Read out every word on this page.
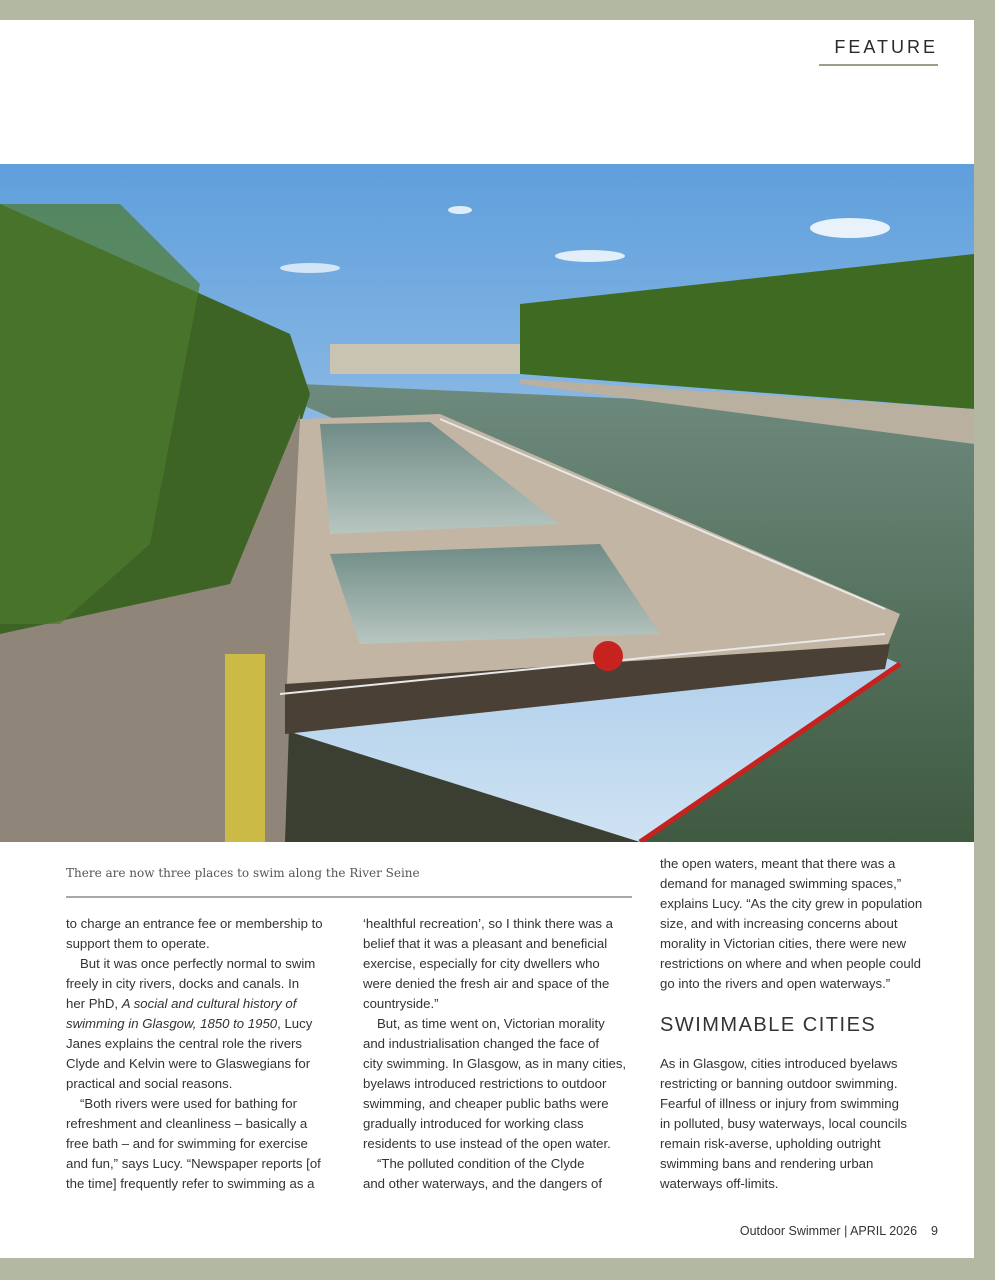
FEATURE
There are now three places to swim along the River Seine
to charge an entrance fee or membership to
support them to operate.
But it was once perfectly normal to swim
freely in city rivers, docks and canals. In
her PhD, A social and cultural history of
swimming in Glasgow, 1850 to 1950, Lucy
Janes explains the central role the rivers
Clyde and Kelvin were to Glaswegians for
practical and social reasons.
“Both rivers were used for bathing for
refreshment and cleanliness – basically a
free bath – and for swimming for exercise
and fun,” says Lucy. “Newspaper reports [of
the time] frequently refer to swimming as a
‘healthful recreation’, so I think there was a
belief that it was a pleasant and beneficial
exercise, especially for city dwellers who
were denied the fresh air and space of the
countryside.”
But, as time went on, Victorian morality
and industrialisation changed the face of
city swimming. In Glasgow, as in many cities,
byelaws introduced restrictions to outdoor
swimming, and cheaper public baths were
gradually introduced for working class
residents to use instead of the open water.
“The polluted condition of the Clyde
and other waterways, and the dangers of
the open waters, meant that there was a
demand for managed swimming spaces,”
explains Lucy. “As the city grew in population
size, and with increasing concerns about
morality in Victorian cities, there were new
restrictions on where and when people could
go into the rivers and open waterways.”
SWIMMABLE CITIES
As in Glasgow, cities introduced byelaws
restricting or banning outdoor swimming.
Fearful of illness or injury from swimming
in polluted, busy waterways, local councils
remain risk-averse, upholding outright
swimming bans and rendering urban
waterways off-limits.
Outdoor Swimmer | APRIL 2026 9
